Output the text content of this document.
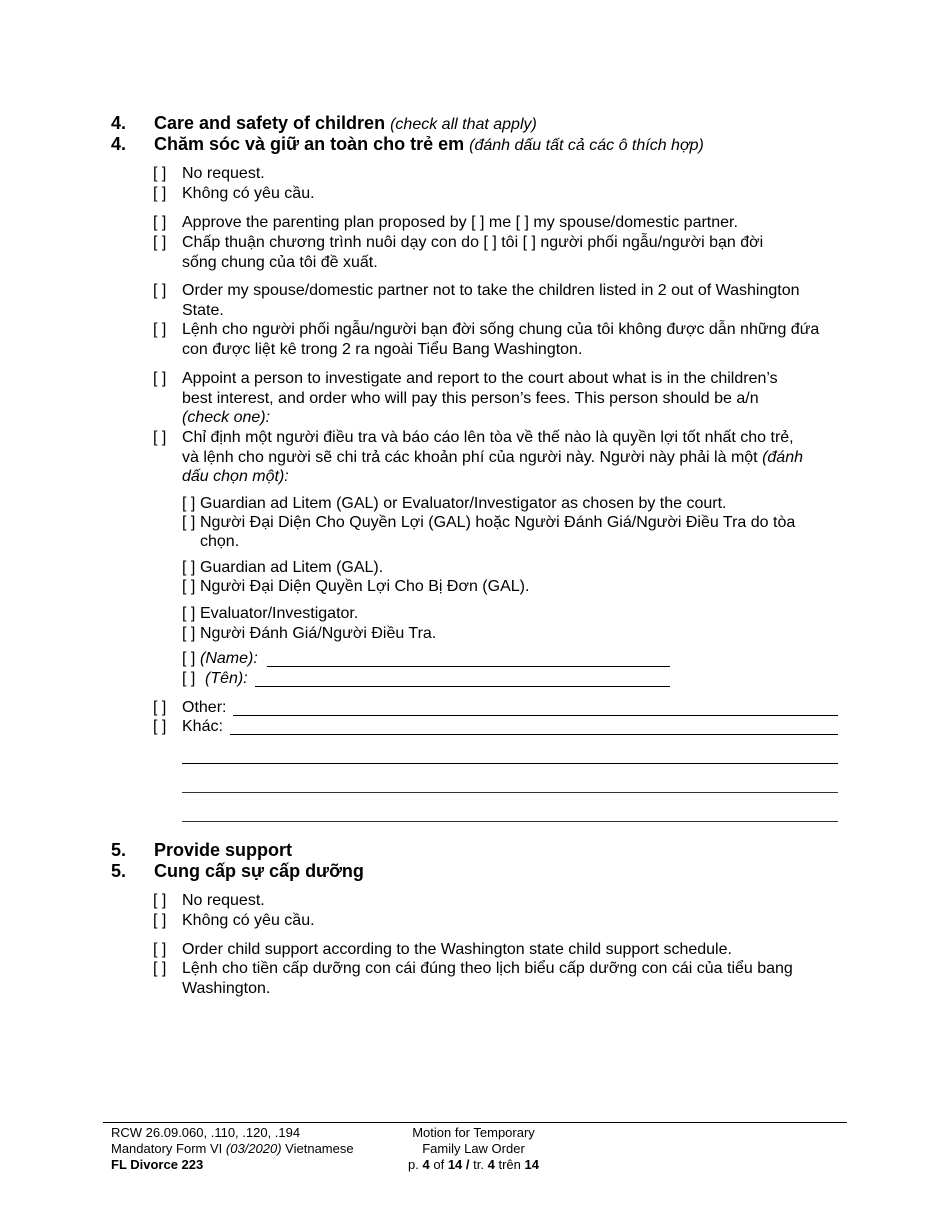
4. Care and safety of children (check all that apply)
4. Chăm sóc và giữ an toàn cho trẻ em (đánh dấu tất cả các ô thích hợp)
[ ] No request.
[ ] Không có yêu cầu.
[ ] Approve the parenting plan proposed by [ ] me [ ] my spouse/domestic partner.
[ ] Chấp thuận chương trình nuôi dạy con do [ ] tôi [ ] người phối ngẫu/người bạn đời
sống chung của tôi đề xuất.
[ ] Order my spouse/domestic partner not to take the children listed in 2 out of Washington
State.
[ ] Lệnh cho người phối ngẫu/người bạn đời sống chung của tôi không được dẫn những đứa
con được liệt kê trong 2 ra ngoài Tiểu Bang Washington.
[ ] Appoint a person to investigate and report to the court about what is in the children’s
best interest, and order who will pay this person’s fees. This person should be a/n
(check one):
[ ] Chỉ định một người điều tra và báo cáo lên tòa về thế nào là quyền lợi tốt nhất cho trẻ,
và lệnh cho người sẽ chi trả các khoản phí của người này. Người này phải là một (đánh
dấu chọn một):
[ ] Guardian ad Litem (GAL) or Evaluator/Investigator as chosen by the court.
[ ] Người Đại Diện Cho Quyền Lợi (GAL) hoặc Người Đánh Giá/Người Điều Tra do tòa
chọn.
[ ] Guardian ad Litem (GAL).
[ ] Người Đại Diện Quyền Lợi Cho Bị Đơn (GAL).
[ ] Evaluator/Investigator.
[ ] Người Đánh Giá/Người Điều Tra.
[ ] (Name):
[ ] (Tên):
[ ] Other:
[ ] Khác:
5. Provide support
5. Cung cấp sự cấp dưỡng
[ ] No request.
[ ] Không có yêu cầu.
[ ] Order child support according to the Washington state child support schedule.
[ ] Lệnh cho tiền cấp dưỡng con cái đúng theo lịch biểu cấp dưỡng con cái của tiểu bang
Washington.
RCW 26.09.060, .110, .120, .194
Mandatory Form VI (03/2020) Vietnamese
FL Divorce 223
Motion for Temporary
Family Law Order
p. 4 of 14 / tr. 4 trên 14
